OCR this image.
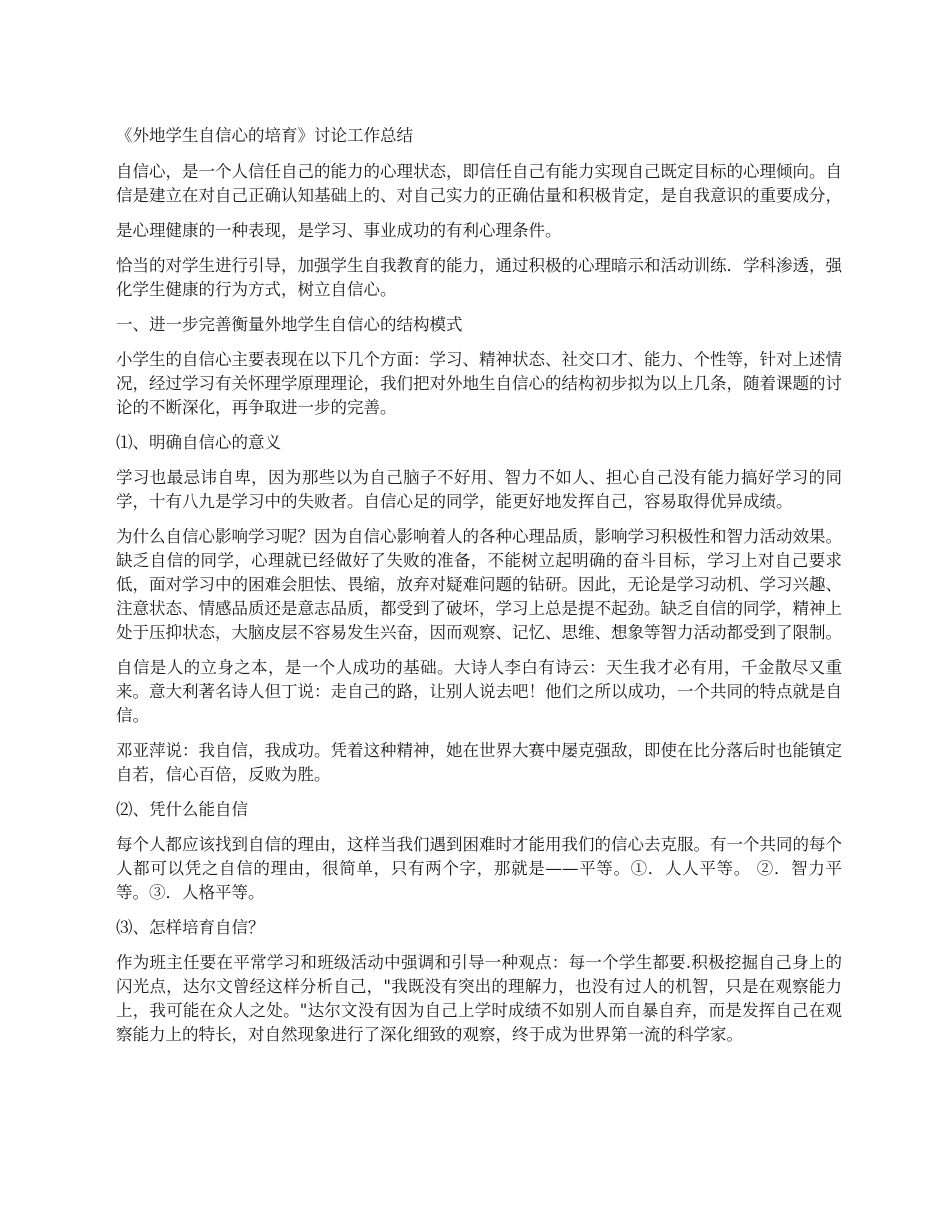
《外地学生自信心的培育》讨论工作总结

自信心，是一个人信任自己的能力的心理状态，即信任自己有能力实现自己既定目标的心理倾向。自信是建立在对自己正确认知基础上的、对自己实力的正确估量和积极肯定，是自我意识的重要成分，

是心理健康的一种表现，是学习、事业成功的有利心理条件。

恰当的对学生进行引导，加强学生自我教育的能力，通过积极的心理暗示和活动训练．学科渗透，强化学生健康的行为方式，树立自信心。

一、进一步完善衡量外地学生自信心的结构模式

小学生的自信心主要表现在以下几个方面：学习、精神状态、社交口才、能力、个性等，针对上述情况，经过学习有关怀理学原理理论，我们把对外地生自信心的结构初步拟为以上几条，随着课题的讨论的不断深化，再争取进一步的完善。

⑴、明确自信心的意义

学习也最忌讳自卑，因为那些以为自己脑子不好用、智力不如人、担心自己没有能力搞好学习的同学，十有八九是学习中的失败者。自信心足的同学，能更好地发挥自己，容易取得优异成绩。

为什么自信心影响学习呢？因为自信心影响着人的各种心理品质，影响学习积极性和智力活动效果。缺乏自信的同学，心理就已经做好了失败的准备，不能树立起明确的奋斗目标，学习上对自己要求低，面对学习中的困难会胆怯、畏缩，放弃对疑难问题的钻研。因此，无论是学习动机、学习兴趣、注意状态、情感品质还是意志品质，都受到了破坏，学习上总是提不起劲。缺乏自信的同学，精神上处于压抑状态，大脑皮层不容易发生兴奋，因而观察、记忆、思维、想象等智力活动都受到了限制。

自信是人的立身之本，是一个人成功的基础。大诗人李白有诗云：天生我才必有用，千金散尽又重来。意大利著名诗人但丁说：走自己的路，让别人说去吧！他们之所以成功，一个共同的特点就是自信。

邓亚萍说：我自信，我成功。凭着这种精神，她在世界大赛中屡克强敌，即使在比分落后时也能镇定自若，信心百倍，反败为胜。

⑵、凭什么能自信

每个人都应该找到自信的理由，这样当我们遇到困难时才能用我们的信心去克服。有一个共同的每个人都可以凭之自信的理由，很简单，只有两个字，那就是——平等。①．人人平等。 ②．智力平等。③．人格平等。

⑶、怎样培育自信？

作为班主任要在平常学习和班级活动中强调和引导一种观点：每一个学生都要.积极挖掘自己身上的闪光点，达尔文曾经这样分析自己，"我既没有突出的理解力，也没有过人的机智，只是在观察能力上，我可能在众人之处。"达尔文没有因为自己上学时成绩不如别人而自暴自弃，而是发挥自己在观察能力上的特长，对自然现象进行了深化细致的观察，终于成为世界第一流的科学家。
